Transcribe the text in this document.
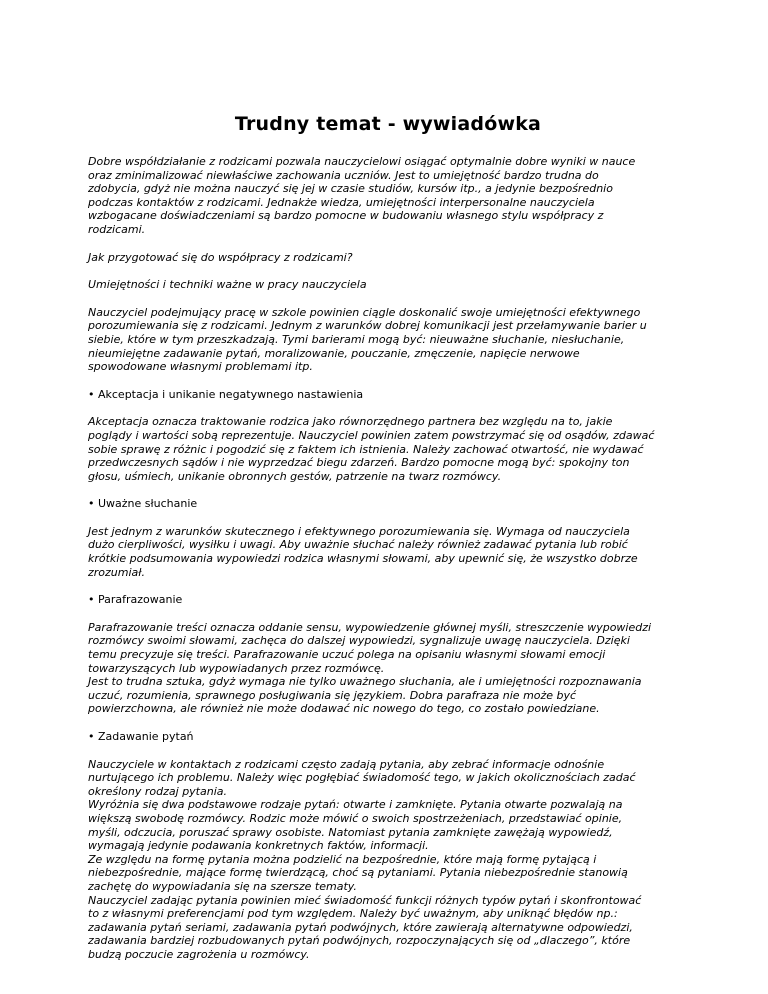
Trudny temat - wywiadówka

Dobre współdziałanie z rodzicami pozwala nauczycielowi osiągać optymalnie dobre wyniki w nauce
oraz zminimalizować niewłaściwe zachowania uczniów. Jest to umiejętność bardzo trudna do
zdobycia, gdyż nie można nauczyć się jej w czasie studiów, kursów itp., a jedynie bezpośrednio
podczas kontaktów z rodzicami. Jednakże wiedza, umiejętności interpersonalne nauczyciela
wzbogacane doświadczeniami są bardzo pomocne w budowaniu własnego stylu współpracy z
rodzicami.

Jak przygotować się do współpracy z rodzicami?

Umiejętności i techniki ważne w pracy nauczyciela

Nauczyciel podejmujący pracę w szkole powinien ciągle doskonalić swoje umiejętności efektywnego
porozumiewania się z rodzicami. Jednym z warunków dobrej komunikacji jest przełamywanie barier u
siebie, które w tym przeszkadzają. Tymi barierami mogą być: nieuważne słuchanie, niesłuchanie,
nieumiejętne zadawanie pytań, moralizowanie, pouczanie, zmęczenie, napięcie nerwowe
spowodowane własnymi problemami itp.

• Akceptacja i unikanie negatywnego nastawienia

Akceptacja oznacza traktowanie rodzica jako równorzędnego partnera bez względu na to, jakie
poglądy i wartości sobą reprezentuje. Nauczyciel powinien zatem powstrzymać się od osądów, zdawać
sobie sprawę z różnic i pogodzić się z faktem ich istnienia. Należy zachować otwartość, nie wydawać
przedwczesnych sądów i nie wyprzedzać biegu zdarzeń. Bardzo pomocne mogą być: spokojny ton
głosu, uśmiech, unikanie obronnych gestów, patrzenie na twarz rozmówcy.

• Uważne słuchanie

Jest jednym z warunków skutecznego i efektywnego porozumiewania się. Wymaga od nauczyciela
dużo cierpliwości, wysiłku i uwagi. Aby uważnie słuchać należy również zadawać pytania lub robić
krótkie podsumowania wypowiedzi rodzica własnymi słowami, aby upewnić się, że wszystko dobrze
zrozumiał.

• Parafrazowanie

Parafrazowanie treści oznacza oddanie sensu, wypowiedzenie głównej myśli, streszczenie wypowiedzi
rozmówcy swoimi słowami, zachęca do dalszej wypowiedzi, sygnalizuje uwagę nauczyciela. Dzięki
temu precyzuje się treści. Parafrazowanie uczuć polega na opisaniu własnymi słowami emocji
towarzyszących lub wypowiadanych przez rozmówcę.
Jest to trudna sztuka, gdyż wymaga nie tylko uważnego słuchania, ale i umiejętności rozpoznawania
uczuć, rozumienia, sprawnego posługiwania się językiem. Dobra parafraza nie może być
powierzchowna, ale również nie może dodawać nic nowego do tego, co zostało powiedziane.

• Zadawanie pytań

Nauczyciele w kontaktach z rodzicami często zadają pytania, aby zebrać informacje odnośnie
nurtującego ich problemu. Należy więc pogłębiać świadomość tego, w jakich okolicznościach zadać
określony rodzaj pytania.
Wyróżnia się dwa podstawowe rodzaje pytań: otwarte i zamknięte. Pytania otwarte pozwalają na
większą swobodę rozmówcy. Rodzic może mówić o swoich spostrzeżeniach, przedstawiać opinie,
myśli, odczucia, poruszać sprawy osobiste. Natomiast pytania zamknięte zawężają wypowiedź,
wymagają jedynie podawania konkretnych faktów, informacji.
Ze względu na formę pytania można podzielić na bezpośrednie, które mają formę pytającą i
niebezpośrednie, mające formę twierdzącą, choć są pytaniami. Pytania niebezpośrednie stanowią
zachętę do wypowiadania się na szersze tematy.
Nauczyciel zadając pytania powinien mieć świadomość funkcji różnych typów pytań i skonfrontować
to z własnymi preferencjami pod tym względem. Należy być uważnym, aby uniknąć błędów np.:
zadawania pytań seriami, zadawania pytań podwójnych, które zawierają alternatywne odpowiedzi,
zadawania bardziej rozbudowanych pytań podwójnych, rozpoczynających się od „dlaczego”, które
budzą poczucie zagrożenia u rozmówcy.
